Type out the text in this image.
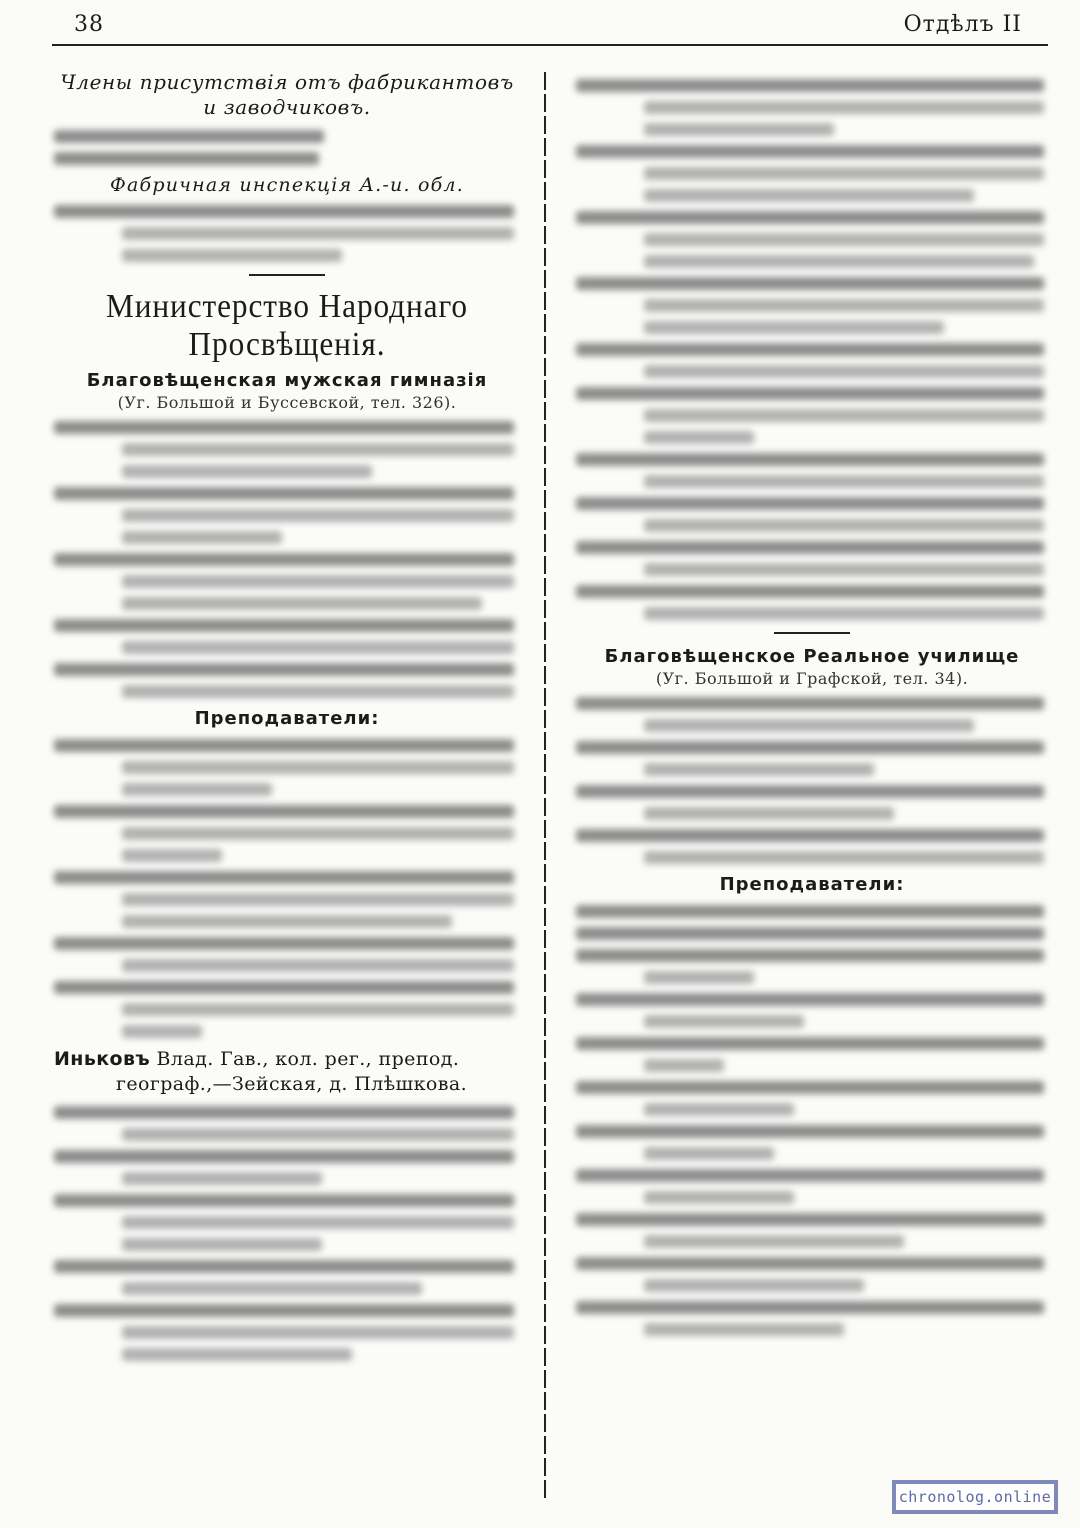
38	Отдѣлъ II
Члены присутствія отъ фабрикантовъ
и заводчиковъ.
Фабричная инспекція А.-и. обл.
Министерство Народнаго
Просвѣщенія.
Благовѣщенская мужская гимназія
(Уг. Большой и Буссевской, тел. 326).
Преподаватели:
Иньковъ Влад. Гав., кол. рег., препод.
географ.,—Зейская, д. Плѣшкова.
Благовѣщенское Реальное училище
(Уг. Большой и Графской, тел. 34).
Преподаватели:
chronolog.online
